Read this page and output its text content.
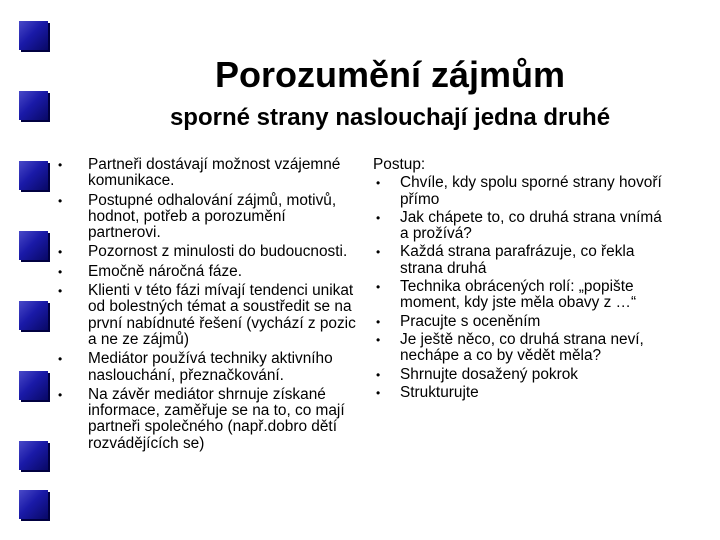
Porozumění zájmům
sporné strany naslouchají jedna druhé
• Partneři dostávají možnost vzájemné komunikace.
• Postupné odhalování zájmů, motivů, hodnot, potřeb a porozumění partnerovi.
• Pozornost z minulosti do budoucnosti.
• Emočně náročná fáze.
• Klienti v této fázi mívají tendenci unikat od bolestných témat a soustředit se na první nabídnuté řešení (vychází z pozic a ne ze zájmů)
• Mediátor používá techniky aktivního naslouchání, přeznačkování.
• Na závěr mediátor shrnuje získané informace, zaměřuje se na to, co mají partneři společného (např.dobro dětí rozvádějících se)

Postup:

• Chvíle, kdy spolu sporné strany hovoří přímo
• Jak chápete to, co druhá strana vnímá a prožívá?
• Každá strana parafrázuje, co řekla strana druhá
• Technika obrácených rolí: „popište moment, kdy jste měla obavy z …“
• Pracujte s oceněním
• Je ještě něco, co druhá strana neví, nechápe a co by vědět měla?
• Shrnujte dosažený pokrok
• Strukturujte
